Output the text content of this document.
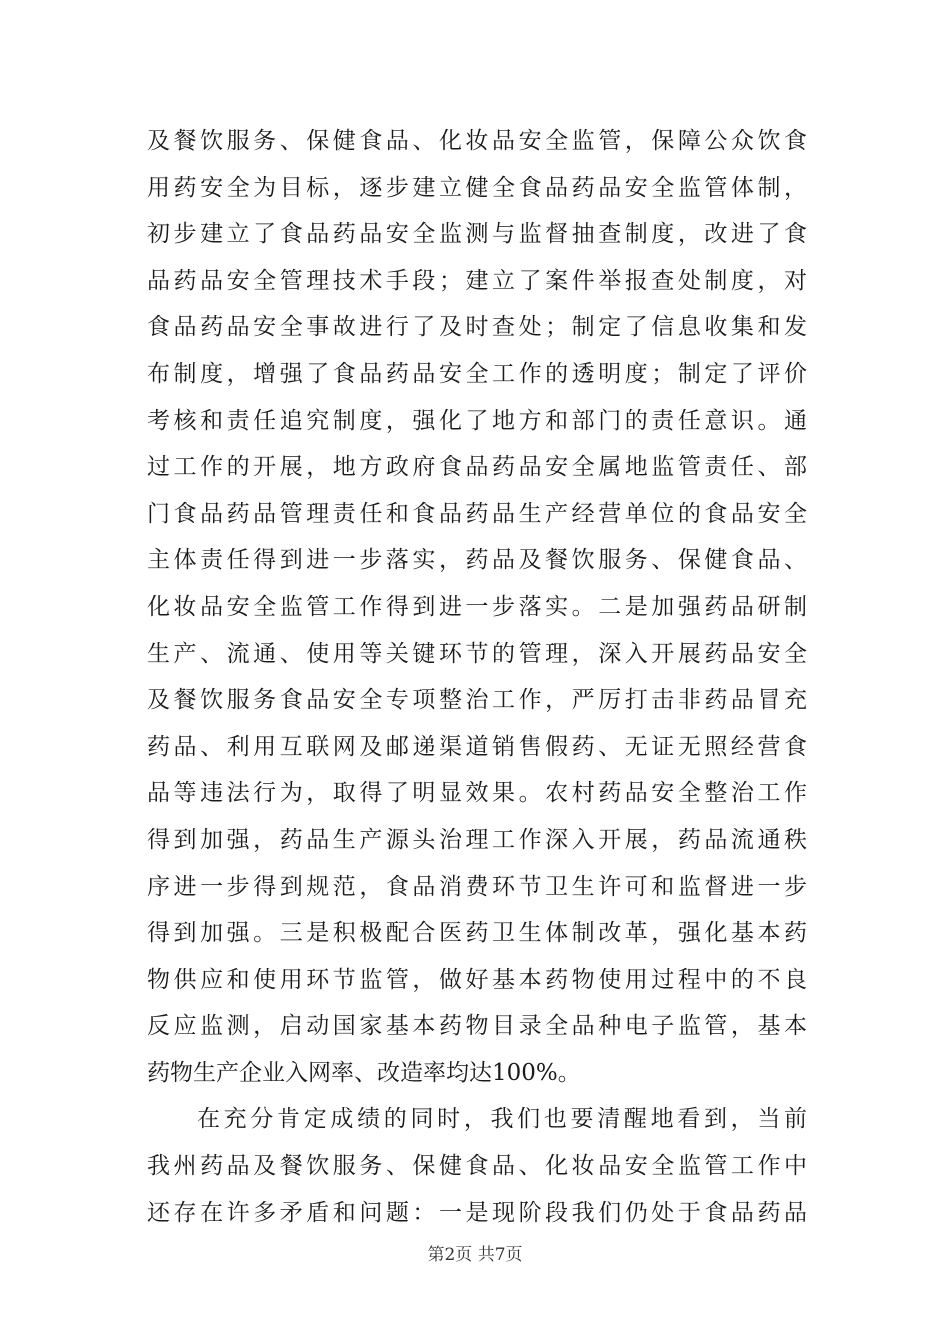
及餐饮服务、保健食品、化妆品安全监管，保障公众饮食
用药安全为目标，逐步建立健全食品药品安全监管体制，
初步建立了食品药品安全监测与监督抽查制度，改进了食
品药品安全管理技术手段；建立了案件举报查处制度，对
食品药品安全事故进行了及时查处；制定了信息收集和发
布制度，增强了食品药品安全工作的透明度；制定了评价
考核和责任追究制度，强化了地方和部门的责任意识。通
过工作的开展，地方政府食品药品安全属地监管责任、部
门食品药品管理责任和食品药品生产经营单位的食品安全
主体责任得到进一步落实，药品及餐饮服务、保健食品、
化妆品安全监管工作得到进一步落实。二是加强药品研制
生产、流通、使用等关键环节的管理，深入开展药品安全
及餐饮服务食品安全专项整治工作，严厉打击非药品冒充
药品、利用互联网及邮递渠道销售假药、无证无照经营食
品等违法行为，取得了明显效果。农村药品安全整治工作
得到加强，药品生产源头治理工作深入开展，药品流通秩
序进一步得到规范，食品消费环节卫生许可和监督进一步
得到加强。三是积极配合医药卫生体制改革，强化基本药
物供应和使用环节监管，做好基本药物使用过程中的不良
反应监测，启动国家基本药物目录全品种电子监管，基本
药物生产企业入网率、改造率均达100%。
在充分肯定成绩的同时，我们也要清醒地看到，当前
我州药品及餐饮服务、保健食品、化妆品安全监管工作中
还存在许多矛盾和问题：一是现阶段我们仍处于食品药品
第2页 共7页
